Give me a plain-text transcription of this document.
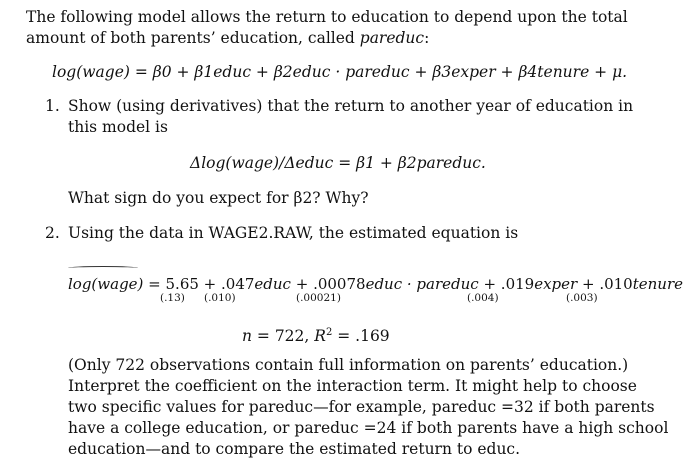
The following model allows the return to education to depend upon the total
amount of both parents’ education, called pareduc:
log(wage) = β0 + β1educ + β2educ · pareduc + β3exper + β4tenure + μ.
1. Show (using derivatives) that the return to another year of education in
this model is
Δlog(wage)/Δeduc = β1 + β2pareduc.
What sign do you expect for β2? Why?
2. Using the data in WAGE2.RAW, the estimated equation is
log(wage) = 5.65 + .047educ + .00078educ · pareduc + .019exper + .010tenure
(.13) (.010)	(.00021)	(.004)	(.003)
n = 722, $R^2 = .169$
(Only 722 observations contain full information on parents’ education.)
Interpret the coefficient on the interaction term. It might help to choose
two specific values for pareduc—for example, pareduc =32 if both parents
have a college education, or pareduc =24 if both parents have a high school
education—and to compare the estimated return to educ.
